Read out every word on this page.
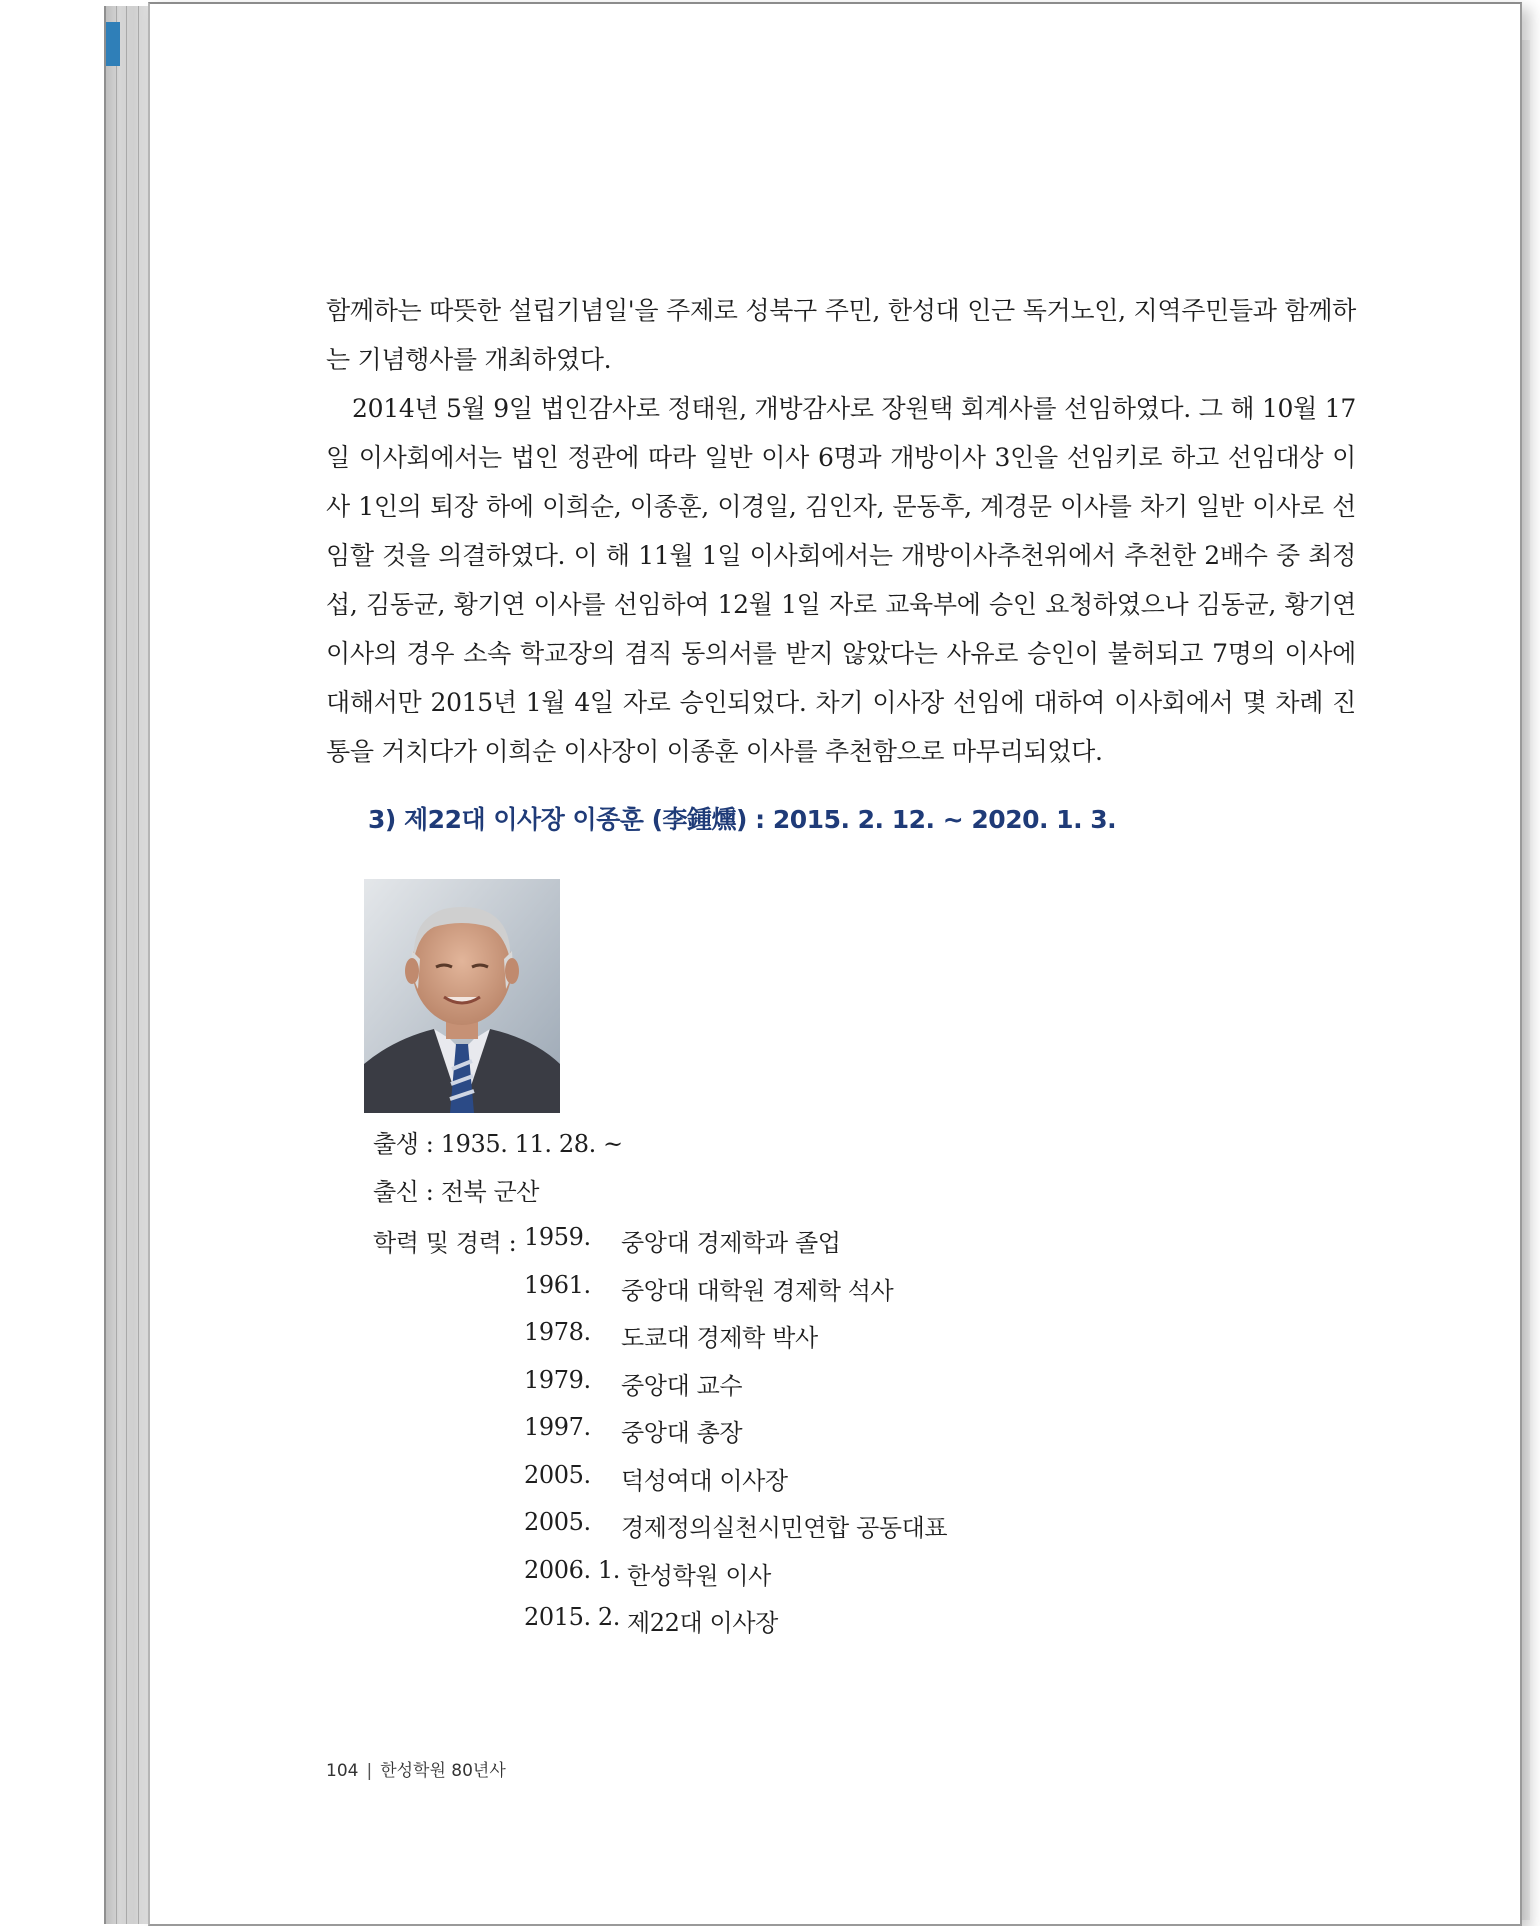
함께하는 따뜻한 설립기념일'을 주제로 성북구 주민, 한성대 인근 독거노인, 지역주민들과 함께하는 기념행사를 개최하였다.

2014년 5월 9일 법인감사로 정태원, 개방감사로 장원택 회계사를 선임하였다. 그 해 10월 17일 이사회에서는 법인 정관에 따라 일반 이사 6명과 개방이사 3인을 선임키로 하고 선임대상 이사 1인의 퇴장 하에 이희순, 이종훈, 이경일, 김인자, 문동후, 계경문 이사를 차기 일반 이사로 선임할 것을 의결하였다. 이 해 11월 1일 이사회에서는 개방이사추천위에서 추천한 2배수 중 최정섭, 김동균, 황기연 이사를 선임하여 12월 1일 자로 교육부에 승인 요청하였으나 김동균, 황기연 이사의 경우 소속 학교장의 겸직 동의서를 받지 않았다는 사유로 승인이 불허되고 7명의 이사에 대해서만 2015년 1월 4일 자로 승인되었다. 차기 이사장 선임에 대하여 이사회에서 몇 차례 진통을 거치다가 이희순 이사장이 이종훈 이사를 추천함으로 마무리되었다.

3) 제22대 이사장 이종훈 (李鍾燻) : 2015. 2. 12. ~ 2020. 1. 3.
출생 : 1935. 11. 28. ~
출신 : 전북 군산
학력 및 경력 : 1959. 중앙대 경제학과 졸업
1961. 중앙대 대학원 경제학 석사
1978. 도쿄대 경제학 박사
1979. 중앙대 교수
1997. 중앙대 총장
2005. 덕성여대 이사장
2005. 경제정의실천시민연합 공동대표
2006. 1. 한성학원 이사
2015. 2. 제22대 이사장
104 | 한성학원 80년사
